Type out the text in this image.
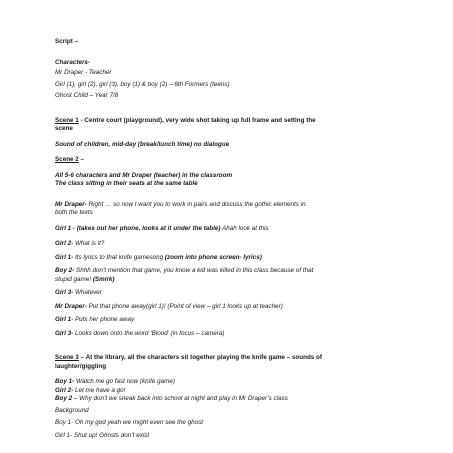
Script –

Characters-

Mr Draper - Teacher

Girl (1), girl (2), girl (3), boy (1) & boy (2) – 6th Formers (teens)

Ghost Child – Year 7/8

Scene 1 - Centre court (playground), very wide shot taking up full frame and setting the

scene

Sound of children, mid-day (break/lunch time) no dialogue

Scene 2 –

All 5-6 characters and Mr Draper (teacher) in the classroom

The class sitting in their seats at the same table

Mr Draper- Right … so now I want you to work in pairs and discuss the gothic elements in

both the texts

Girl 1 - (takes out her phone, looks at it under the table) Ahah look at this

Girl 2- What is it?

Girl 1- Its lyrics to that knife gamesong (zoom into phone screen- lyrics)

Boy 2- Shhh don’t mention that game, you know a kid was killed in this class because of that

stupid game! (Smirk)

Girl 3- Whatever

Mr Draper- Put that phone away(girl 1)! (Point of view – girl 1 looks up at teacher)

Girl 1- Puts her phone away

Girl 3- Looks down onto the word ‘Blood’ (in focus – camera)

Scene 3 – At the library, all the characters sit together playing the knife game – sounds of

laughter/giggling

Boy 1- Watch me go fast now (knife game)

Girl 2- Let me have a go!

Boy 2 – Why don’t we sneak back into school at night and play in Mr Draper’s class

Background

Boy 1- Oh my god yeah we might even see the ghost

Girl 1- Shut up! Ghosts don’t exist
